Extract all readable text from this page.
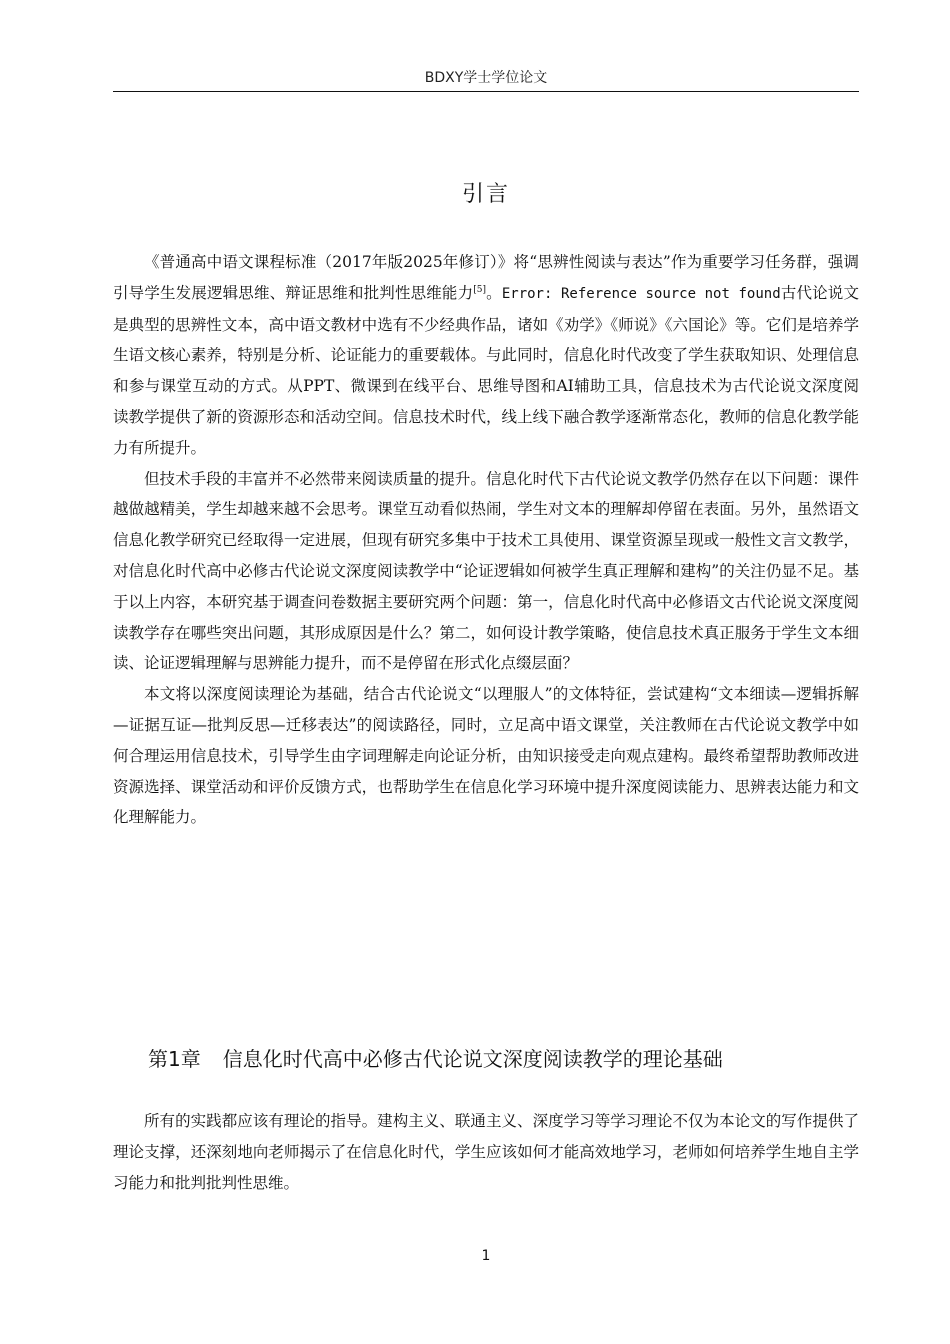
BDXY学士学位论文
引言

《普通高中语文课程标准（2017年版2025年修订）》将“思辨性阅读与表达”作为重要学习任务群，强调引导学生发展逻辑思维、辩证思维和批判性思维能力[5]。Error: Reference source not found古代论说文是典型的思辨性文本，高中语文教材中选有不少经典作品，诸如《劝学》《师说》《六国论》等。它们是培养学生语文核心素养，特别是分析、论证能力的重要载体。与此同时，信息化时代改变了学生获取知识、处理信息和参与课堂互动的方式。从PPT、微课到在线平台、思维导图和AI辅助工具，信息技术为古代论说文深度阅读教学提供了新的资源形态和活动空间。信息技术时代，线上线下融合教学逐渐常态化，教师的信息化教学能力有所提升。

但技术手段的丰富并不必然带来阅读质量的提升。信息化时代下古代论说文教学仍然存在以下问题：课件越做越精美，学生却越来越不会思考。课堂互动看似热闹，学生对文本的理解却停留在表面。另外，虽然语文信息化教学研究已经取得一定进展，但现有研究多集中于技术工具使用、课堂资源呈现或一般性文言文教学，对信息化时代高中必修古代论说文深度阅读教学中“论证逻辑如何被学生真正理解和建构”的关注仍显不足。基于以上内容，本研究基于调查问卷数据主要研究两个问题：第一，信息化时代高中必修语文古代论说文深度阅读教学存在哪些突出问题，其形成原因是什么？第二，如何设计教学策略，使信息技术真正服务于学生文本细读、论证逻辑理解与思辨能力提升，而不是停留在形式化点缀层面？

本文将以深度阅读理论为基础，结合古代论说文“以理服人”的文体特征，尝试建构“文本细读—逻辑拆解—证据互证—批判反思—迁移表达”的阅读路径，同时，立足高中语文课堂，关注教师在古代论说文教学中如何合理运用信息技术，引导学生由字词理解走向论证分析，由知识接受走向观点建构。最终希望帮助教师改进资源选择、课堂活动和评价反馈方式，也帮助学生在信息化学习环境中提升深度阅读能力、思辨表达能力和文化理解能力。

第1章 信息化时代高中必修古代论说文深度阅读教学的理论基础

所有的实践都应该有理论的指导。建构主义、联通主义、深度学习等学习理论不仅为本论文的写作提供了理论支撑，还深刻地向老师揭示了在信息化时代，学生应该如何才能高效地学习，老师如何培养学生地自主学习能力和批判批判性思维。

1
